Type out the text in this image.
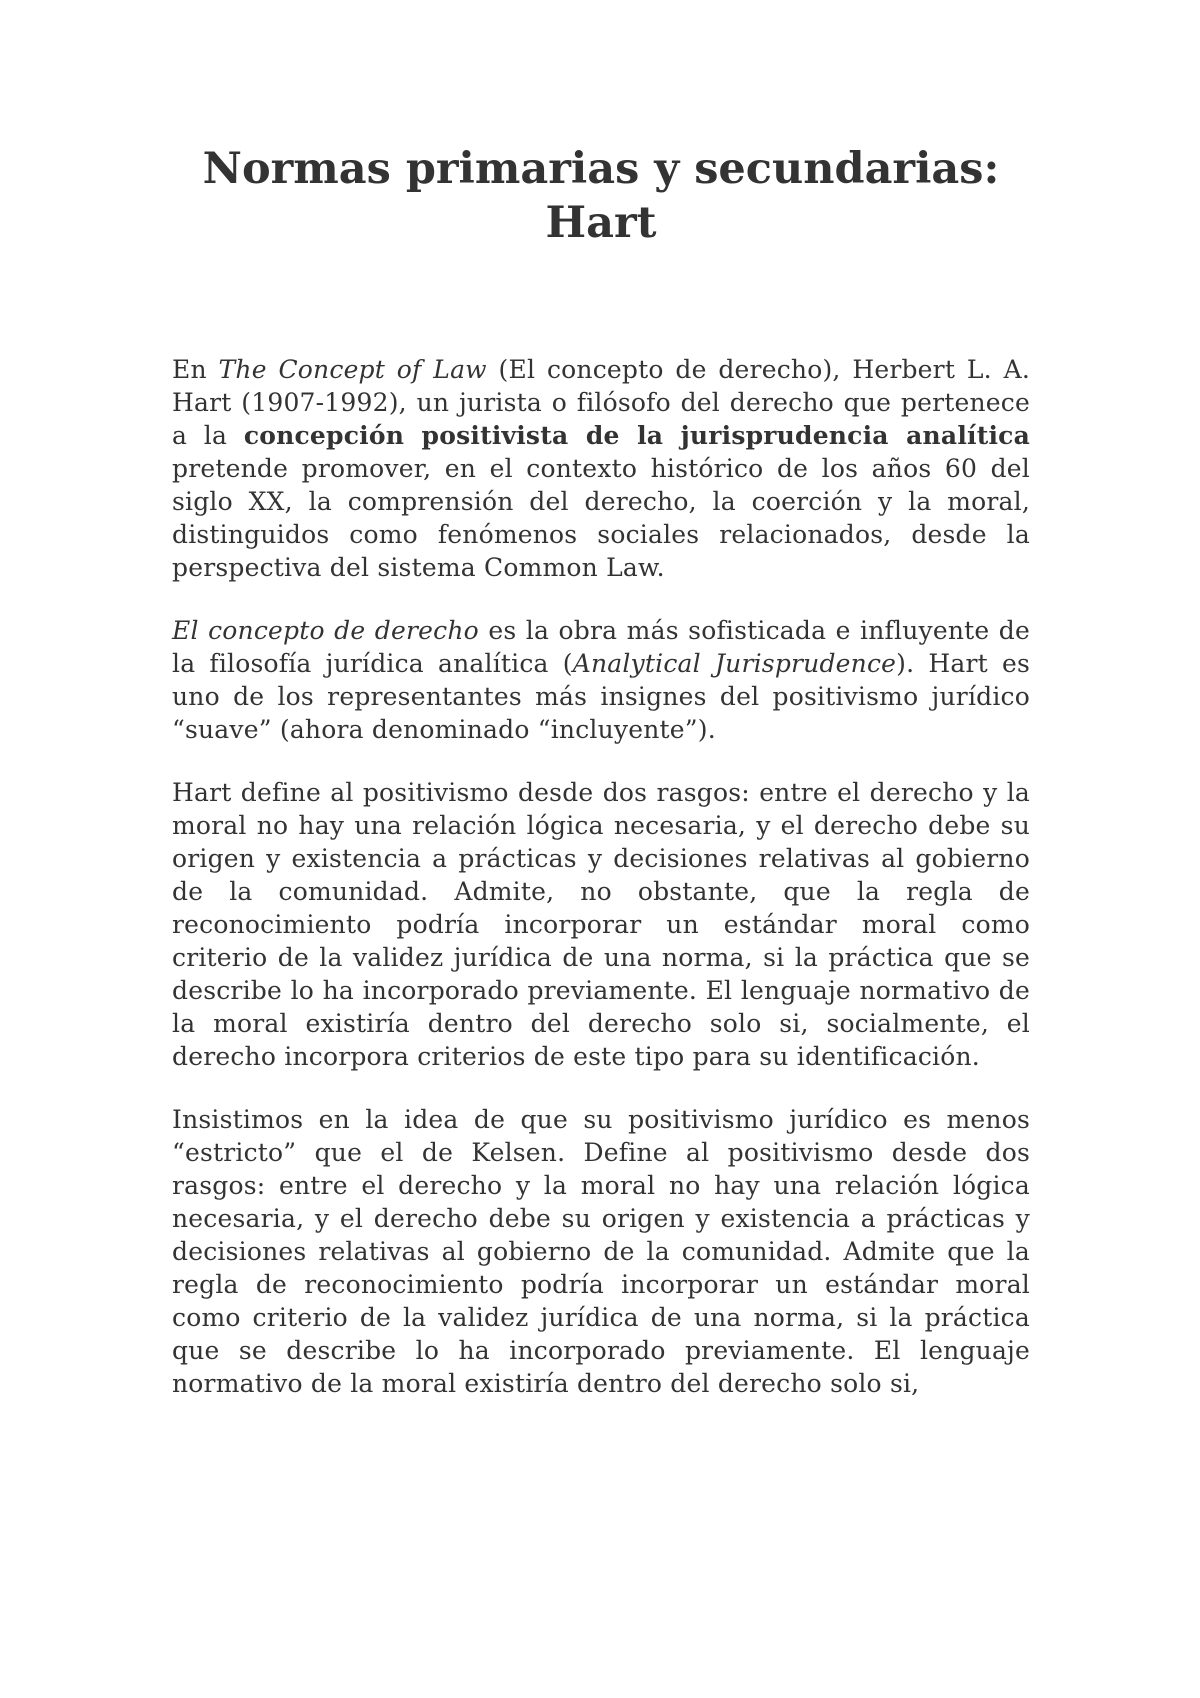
Normas primarias y secundarias:
Hart

En The Concept of Law (El concepto de derecho), Herbert L. A. Hart (1907-1992), un jurista o filósofo del derecho que pertenece a la concepción positivista de la jurisprudencia analítica pretende promover, en el contexto histórico de los años 60 del siglo XX, la comprensión del derecho, la coerción y la moral, distinguidos como fenómenos sociales relacionados, desde la perspectiva del sistema Common Law.

El concepto de derecho es la obra más sofisticada e influyente de la filosofía jurídica analítica (Analytical Jurisprudence). Hart es uno de los representantes más insignes del positivismo jurídico “suave” (ahora denominado “incluyente”).

Hart define al positivismo desde dos rasgos: entre el derecho y la moral no hay una relación lógica necesaria, y el derecho debe su origen y existencia a prácticas y decisiones relativas al gobierno de la comunidad. Admite, no obstante, que la regla de reconocimiento podría incorporar un estándar moral como criterio de la validez jurídica de una norma, si la práctica que se describe lo ha incorporado previamente. El lenguaje normativo de la moral existiría dentro del derecho solo si, socialmente, el derecho incorpora criterios de este tipo para su identificación.

Insistimos en la idea de que su positivismo jurídico es menos “estricto” que el de Kelsen. Define al positivismo desde dos rasgos: entre el derecho y la moral no hay una relación lógica necesaria, y el derecho debe su origen y existencia a prácticas y decisiones relativas al gobierno de la comunidad. Admite que la regla de reconocimiento podría incorporar un estándar moral como criterio de la validez jurídica de una norma, si la práctica que se describe lo ha incorporado previamente. El lenguaje normativo de la moral existiría dentro del derecho solo si,
